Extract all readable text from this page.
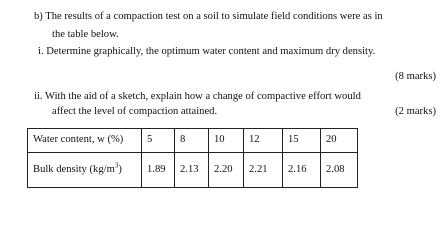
b) The results of a compaction test on a soil to simulate field conditions were as in
the table below.
i. Determine graphically, the optimum water content and maximum dry density.
(8 marks)
ii. With the aid of a sketch, explain how a change of compactive effort would
affect the level of compaction attained.	(2 marks)
Water content, w (%)	5	8	10	12	15	20
Bulk density $(kg/m^3)$	1.89	2.13	2.20	2.21	2.16	2.08
